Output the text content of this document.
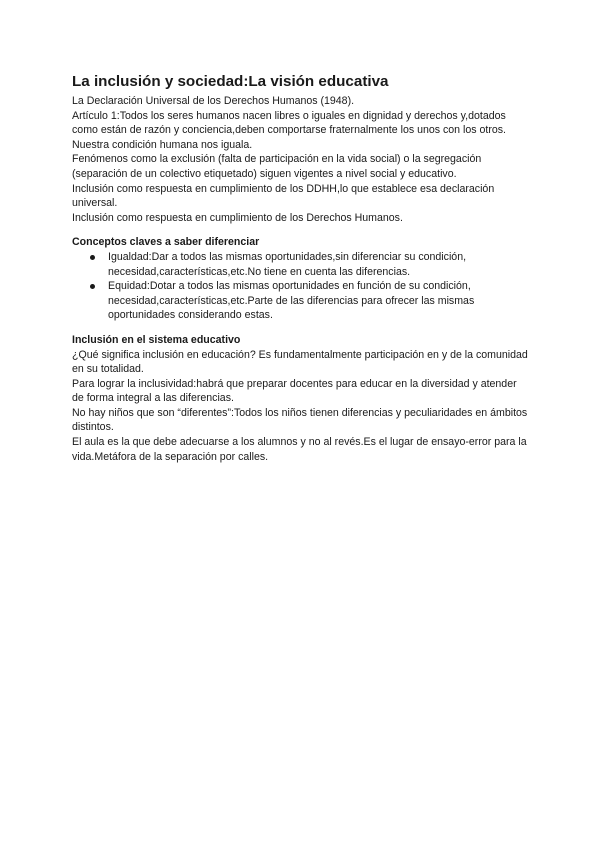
La inclusión y sociedad:La visión educativa

La Declaración Universal de los Derechos Humanos (1948).

Artículo 1:Todos los seres humanos nacen libres o iguales en dignidad y derechos y,dotados como están de razón y conciencia,deben comportarse fraternalmente los unos con los otros.

Nuestra condición humana nos iguala.

Fenómenos como la exclusión (falta de participación en la vida social) o la segregación (separación de un colectivo etiquetado) siguen vigentes a nivel social y educativo.

Inclusión como respuesta en cumplimiento de los DDHH,lo que establece esa declaración universal.

Inclusión como respuesta en cumplimiento de los Derechos Humanos.

Conceptos claves a saber diferenciar
Igualdad:Dar a todos las mismas oportunidades,sin diferenciar su condición, necesidad,características,etc.No tiene en cuenta las diferencias.
Equidad:Dotar a todos las mismas oportunidades en función de su condición, necesidad,características,etc.Parte de las diferencias para ofrecer las mismas oportunidades considerando estas.
Inclusión en el sistema educativo

¿Qué significa inclusión en educación? Es fundamentalmente participación en y de la comunidad en su totalidad.

Para lograr la inclusividad:habrá que preparar docentes para educar en la diversidad y atender de forma integral a las diferencias.

No hay niños que son “diferentes”:Todos los niños tienen diferencias y peculiaridades en ámbitos distintos.

El aula es la que debe adecuarse a los alumnos y no al revés.Es el lugar de ensayo-error para la vida.Metáfora de la separación por calles.
